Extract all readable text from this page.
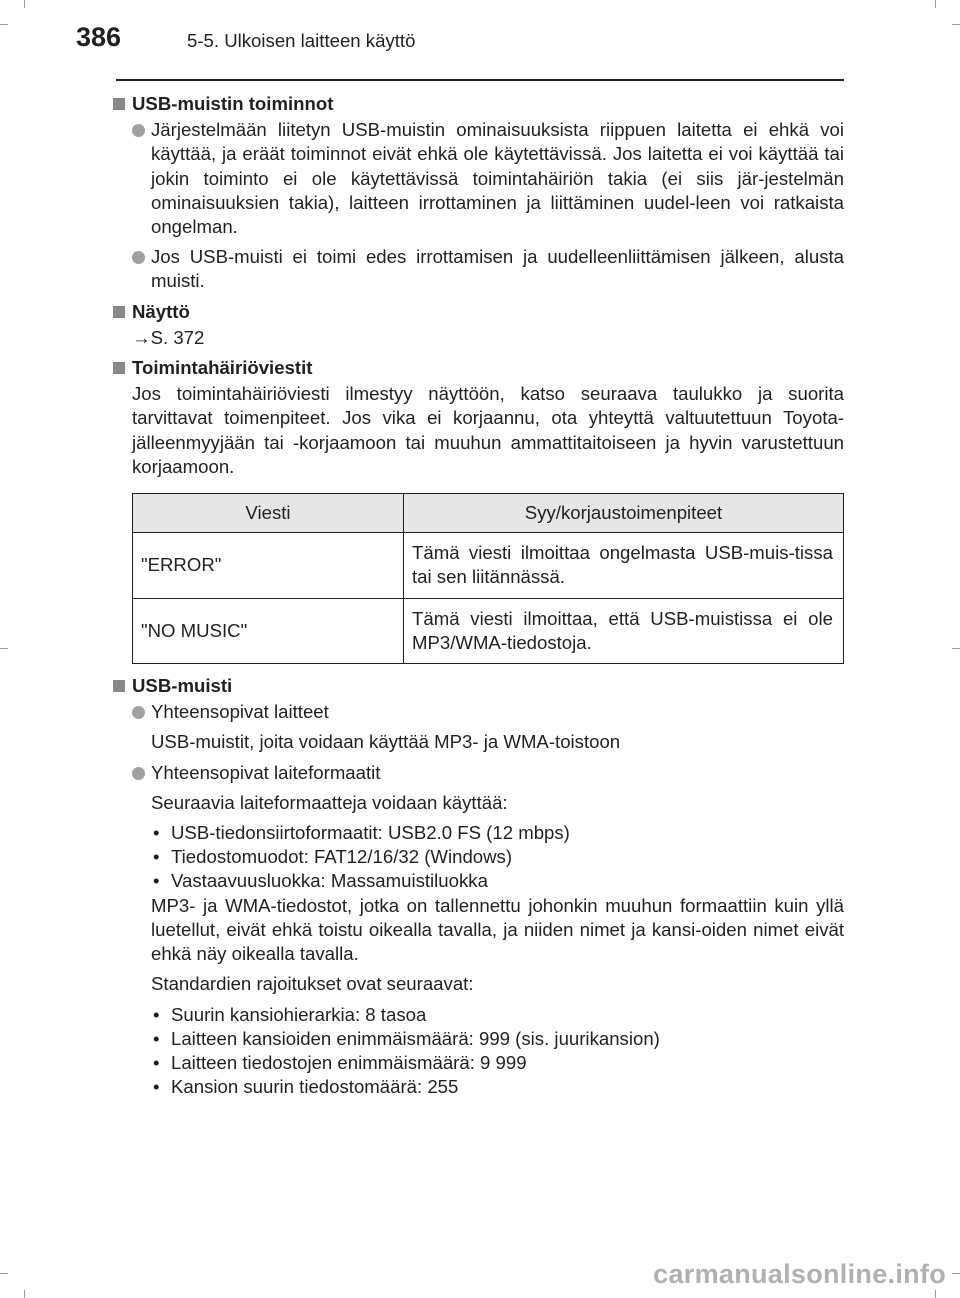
386	5-5. Ulkoisen laitteen käyttö
USB-muistin toiminnot
Järjestelmään liitetyn USB-muistin ominaisuuksista riippuen laitetta ei ehkä voi käyttää, ja eräät toiminnot eivät ehkä ole käytettävissä. Jos laitetta ei voi käyttää tai jokin toiminto ei ole käytettävissä toimintahäiriön takia (ei siis jär-jestelmän ominaisuuksien takia), laitteen irrottaminen ja liittäminen uudel-leen voi ratkaista ongelman.
Jos USB-muisti ei toimi edes irrottamisen ja uudelleenliittämisen jälkeen, alusta muisti.
Näyttö
→S. 372
Toimintahäiriöviestit
Jos toimintahäiriöviesti ilmestyy näyttöön, katso seuraava taulukko ja suorita tarvittavat toimenpiteet. Jos vika ei korjaannu, ota yhteyttä valtuutettuun Toyota-jälleenmyyjään tai -korjaamoon tai muuhun ammattitaitoiseen ja hyvin varustettuun korjaamoon.
Viesti	Syy/korjaustoimenpiteet
"ERROR"	Tämä viesti ilmoittaa ongelmasta USB-muis-tissa tai sen liitännässä.
"NO MUSIC"	Tämä viesti ilmoittaa, että USB-muistissa ei ole MP3/WMA-tiedostoja.
USB-muisti
Yhteensopivat laitteet
USB-muistit, joita voidaan käyttää MP3- ja WMA-toistoon
Yhteensopivat laiteformaatit
Seuraavia laiteformaatteja voidaan käyttää:
• USB-tiedonsiirtoformaatit: USB2.0 FS (12 mbps)
• Tiedostomuodot: FAT12/16/32 (Windows)
• Vastaavuusluokka: Massamuistiluokka
MP3- ja WMA-tiedostot, jotka on tallennettu johonkin muuhun formaattiin kuin yllä luetellut, eivät ehkä toistu oikealla tavalla, ja niiden nimet ja kansi-oiden nimet eivät ehkä näy oikealla tavalla.
Standardien rajoitukset ovat seuraavat:
• Suurin kansiohierarkia: 8 tasoa
• Laitteen kansioiden enimmäismäärä: 999 (sis. juurikansion)
• Laitteen tiedostojen enimmäismäärä: 9 999
• Kansion suurin tiedostomäärä: 255
carmanualsonline.info
